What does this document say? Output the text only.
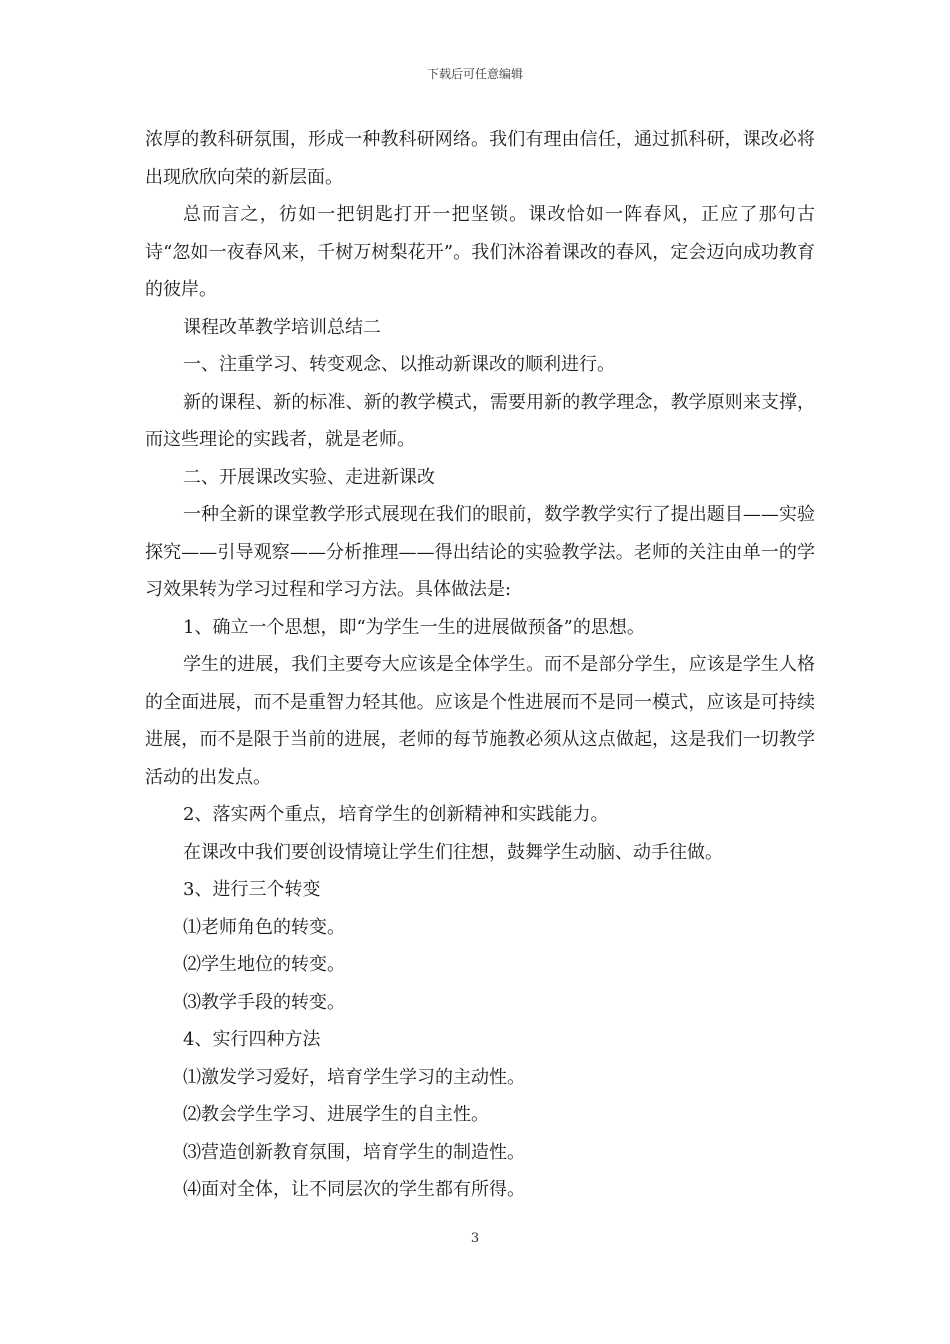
下载后可任意编辑

浓厚的教科研氛围，形成一种教科研网络。我们有理由信任，通过抓科研，课改必将出现欣欣向荣的新层面。

总而言之，彷如一把钥匙打开一把坚锁。课改恰如一阵春风，正应了那句古诗“忽如一夜春风来，千树万树梨花开”。我们沐浴着课改的春风，定会迈向成功教育的彼岸。

课程改革教学培训总结二

一、注重学习、转变观念、以推动新课改的顺利进行。

新的课程、新的标准、新的教学模式，需要用新的教学理念，教学原则来支撑，而这些理论的实践者，就是老师。

二、开展课改实验、走进新课改

一种全新的课堂教学形式展现在我们的眼前，数学教学实行了提出题目——实验探究——引导观察——分析推理——得出结论的实验教学法。老师的关注由单一的学习效果转为学习过程和学习方法。具体做法是:

1、确立一个思想，即“为学生一生的进展做预备”的思想。

学生的进展，我们主要夸大应该是全体学生。而不是部分学生，应该是学生人格的全面进展，而不是重智力轻其他。应该是个性进展而不是同一模式，应该是可持续进展，而不是限于当前的进展，老师的每节施教必须从这点做起，这是我们一切教学活动的出发点。

2、落实两个重点，培育学生的创新精神和实践能力。

在课改中我们要创设情境让学生们往想，鼓舞学生动脑、动手往做。

3、进行三个转变

⑴老师角色的转变。

⑵学生地位的转变。

⑶教学手段的转变。

4、实行四种方法

⑴激发学习爱好，培育学生学习的主动性。

⑵教会学生学习、进展学生的自主性。

⑶营造创新教育氛围，培育学生的制造性。

⑷面对全体，让不同层次的学生都有所得。

3
